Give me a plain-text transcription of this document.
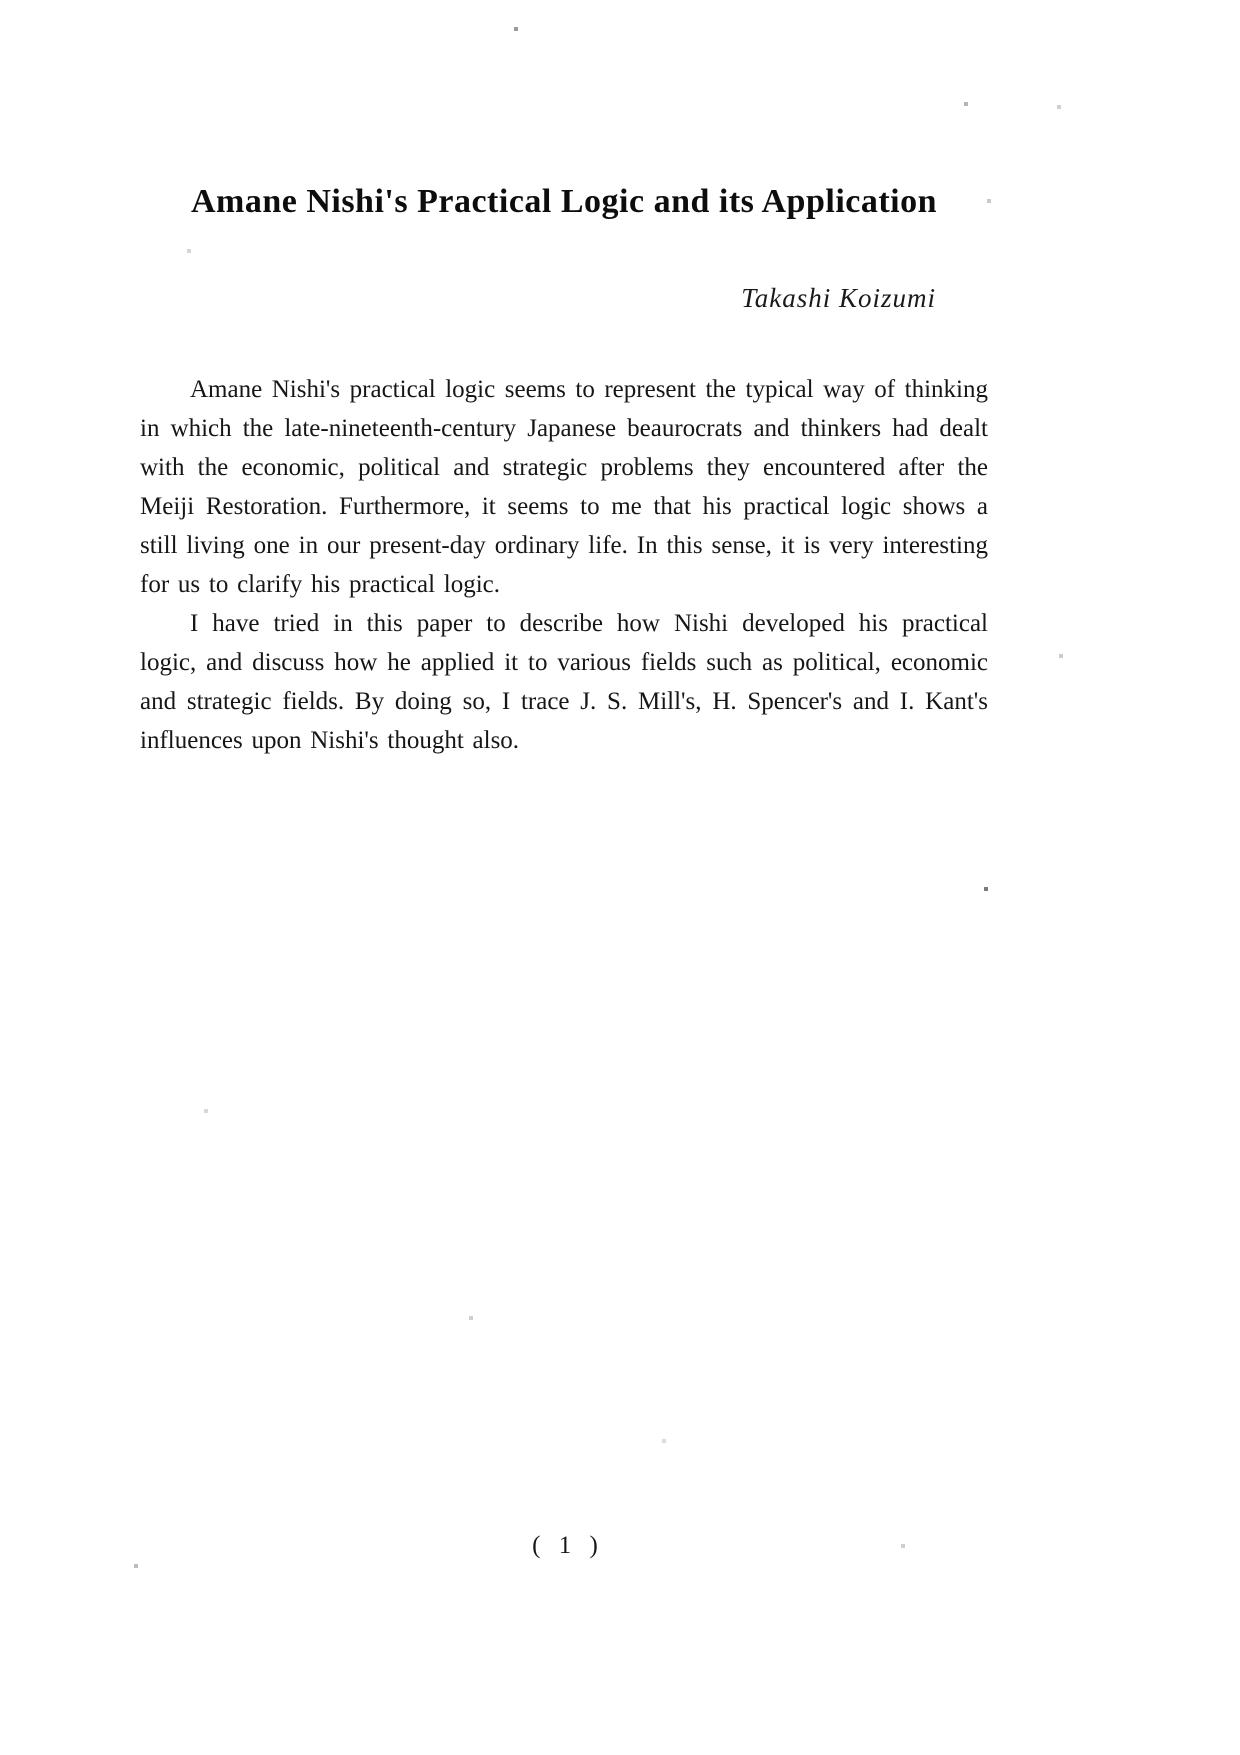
Amane Nishi's Practical Logic and its Application
Takashi Koizumi

Amane Nishi's practical logic seems to represent the typical way of thinking in which the late-nineteenth-century Japanese beaurocrats and thinkers had dealt with the economic, political and strategic problems they encountered after the Meiji Restoration. Furthermore, it seems to me that his practical logic shows a still living one in our present-day ordinary life. In this sense, it is very interesting for us to clarify his practical logic.

I have tried in this paper to describe how Nishi developed his practical logic, and discuss how he applied it to various fields such as political, economic and strategic fields. By doing so, I trace J. S. Mill's, H. Spencer's and I. Kant's influences upon Nishi's thought also.

( 1 )
